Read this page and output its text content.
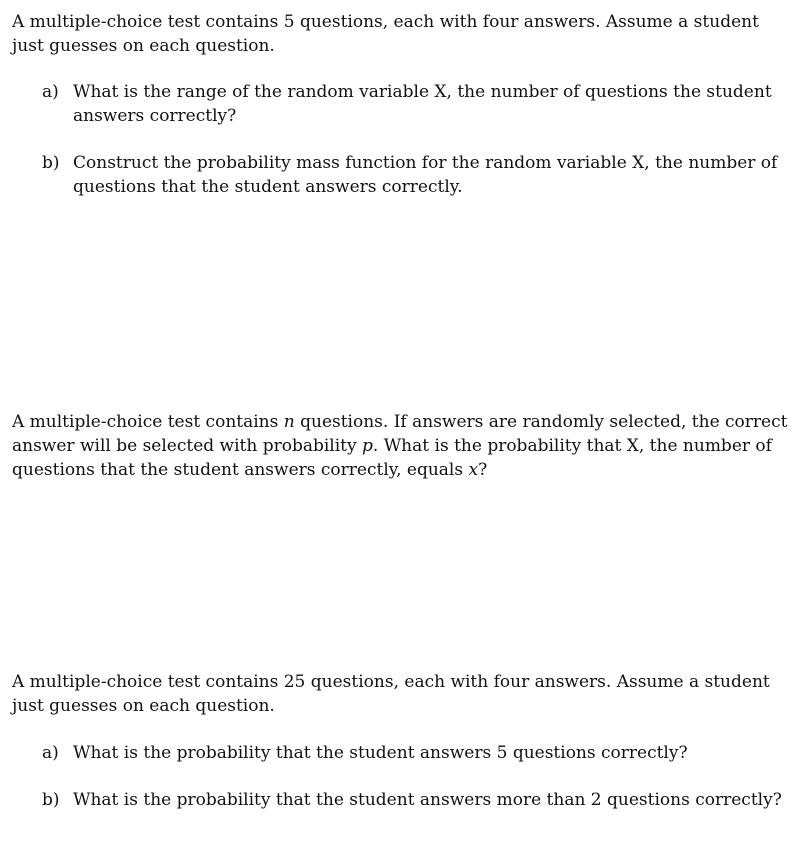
A multiple-choice test contains 5 questions, each with four answers. Assume a student just guesses on each question.

a) What is the range of the random variable X, the number of questions the student answers correctly?
b) Construct the probability mass function for the random variable X, the number of questions that the student answers correctly.

A multiple-choice test contains n questions. If answers are randomly selected, the correct answer will be selected with probability p. What is the probability that X, the number of questions that the student answers correctly, equals x?

A multiple-choice test contains 25 questions, each with four answers. Assume a student just guesses on each question.

a) What is the probability that the student answers 5 questions correctly?
b) What is the probability that the student answers more than 2 questions correctly?
